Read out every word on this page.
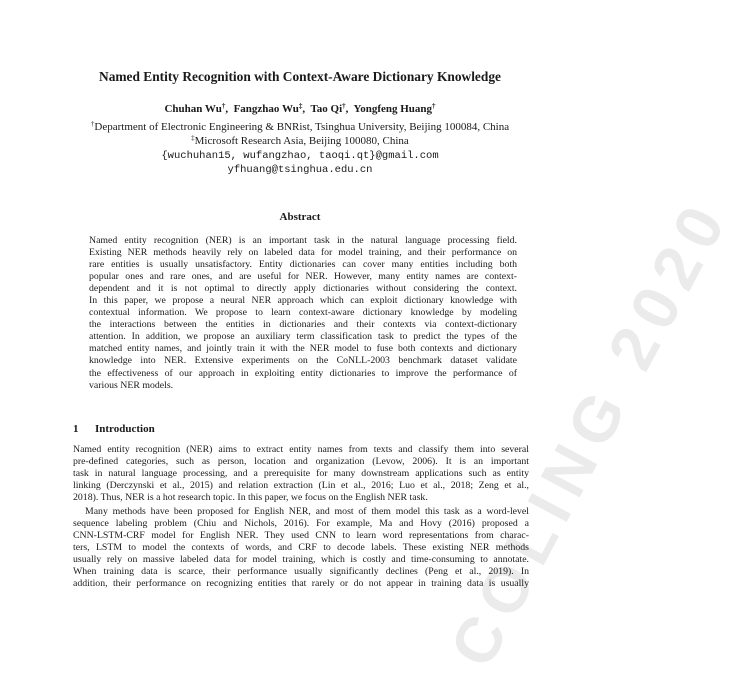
COLING 2020
Named Entity Recognition with Context-Aware Dictionary Knowledge
Chuhan Wu†,  Fangzhao Wu‡,  Tao Qi†,  Yongfeng Huang†
†Department of Electronic Engineering & BNRist, Tsinghua University, Beijing 100084, China
‡Microsoft Research Asia, Beijing 100080, China
{wuchuhan15, wufangzhao, taoqi.qt}@gmail.com
yfhuang@tsinghua.edu.cn
Abstract
Named entity recognition (NER) is an important task in the natural language processing field.
Existing NER methods heavily rely on labeled data for model training, and their performance on
rare entities is usually unsatisfactory. Entity dictionaries can cover many entities including both
popular ones and rare ones, and are useful for NER. However, many entity names are context-
dependent and it is not optimal to directly apply dictionaries without considering the context.
In this paper, we propose a neural NER approach which can exploit dictionary knowledge with
contextual information. We propose to learn context-aware dictionary knowledge by modeling
the interactions between the entities in dictionaries and their contexts via context-dictionary
attention. In addition, we propose an auxiliary term classification task to predict the types of the
matched entity names, and jointly train it with the NER model to fuse both contexts and dictionary
knowledge into NER. Extensive experiments on the CoNLL-2003 benchmark dataset validate
the effectiveness of our approach in exploiting entity dictionaries to improve the performance of
various NER models.
1 Introduction
Named entity recognition (NER) aims to extract entity names from texts and classify them into several
pre-defined categories, such as person, location and organization (Levow, 2006). It is an important
task in natural language processing, and a prerequisite for many downstream applications such as entity
linking (Derczynski et al., 2015) and relation extraction (Lin et al., 2016; Luo et al., 2018; Zeng et al.,
2018). Thus, NER is a hot research topic. In this paper, we focus on the English NER task.
Many methods have been proposed for English NER, and most of them model this task as a word-level
sequence labeling problem (Chiu and Nichols, 2016). For example, Ma and Hovy (2016) proposed a
CNN-LSTM-CRF model for English NER. They used CNN to learn word representations from charac-
ters, LSTM to model the contexts of words, and CRF to decode labels. These existing NER methods
usually rely on massive labeled data for model training, which is costly and time-consuming to annotate.
When training data is scarce, their performance usually significantly declines (Peng et al., 2019). In
addition, their performance on recognizing entities that rarely or do not appear in training data is usually
